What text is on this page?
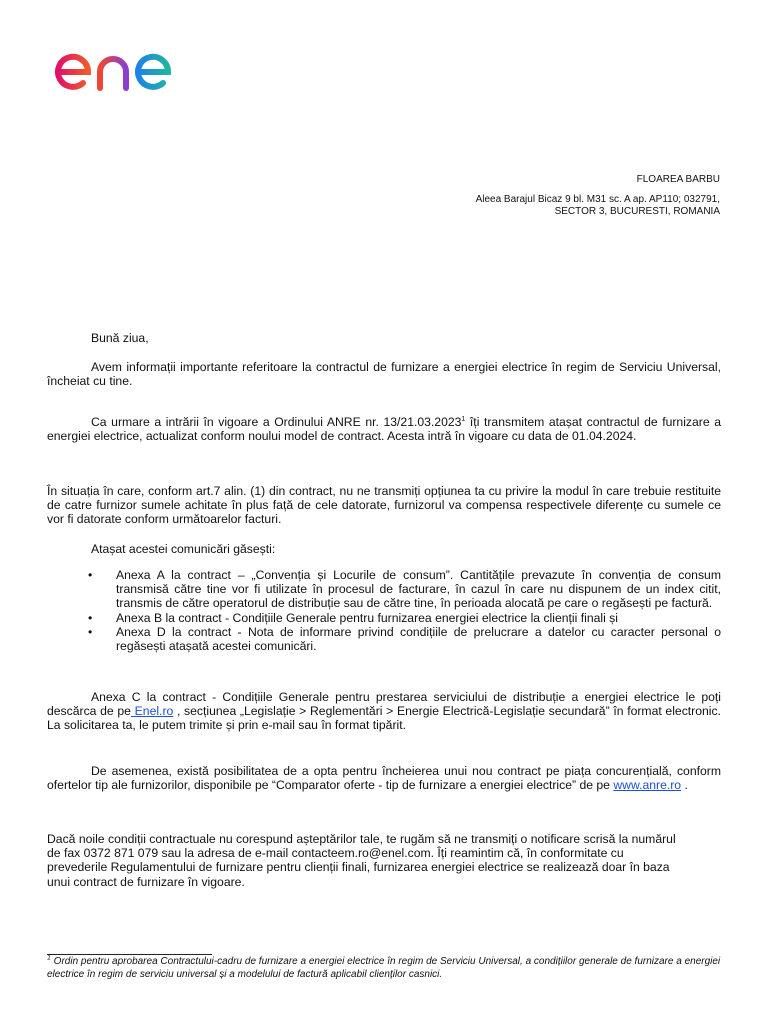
FLOAREA BARBU
Aleea Barajul Bicaz 9 bl. M31 sc. A ap. AP110; 032791,
SECTOR 3, BUCURESTI, ROMANIA
Bună ziua,
Avem informații importante referitoare la contractul de furnizare a energiei electrice în regim de Serviciu Universal, încheiat cu tine.
Ca urmare a intrării în vigoare a Ordinului ANRE nr. 13/21.03.2023$^1$ îți transmitem atașat contractul de furnizare a energiei electrice, actualizat conform noului model de contract. Acesta intră în vigoare cu data de 01.04.2024.
În situația în care, conform art.7 alin. (1) din contract, nu ne transmiți opțiunea ta cu privire la modul în care trebuie restituite de catre furnizor sumele achitate în plus față de cele datorate, furnizorul va compensa respectivele diferențe cu sumele ce vor fi datorate conform următoarelor facturi.
Atașat acestei comunicări găsești:
• Anexa A la contract – „Convenția și Locurile de consum”. Cantitățile prevazute în convenția de consum transmisă către tine vor fi utilizate în procesul de facturare, în cazul în care nu dispunem de un index citit, transmis de către operatorul de distribuție sau de către tine, în perioada alocată pe care o regăsești pe factură.
• Anexa B la contract - Condițiile Generale pentru furnizarea energiei electrice la clienții finali și
• Anexa D la contract - Nota de informare privind condițiile de prelucrare a datelor cu caracter personal o regăsești atașată acestei comunicări.
Anexa C la contract - Condițiile Generale pentru prestarea serviciului de distribuție a energiei electrice le poți descărca de pe Enel.ro , secțiunea „Legislație > Reglementări > Energie Electrică-Legislație secundară” în format electronic. La solicitarea ta, le putem trimite și prin e-mail sau în format tipărit.
De asemenea, există posibilitatea de a opta pentru încheierea unui nou contract pe piața concurențială, conform ofertelor tip ale furnizorilor, disponibile pe “Comparator oferte - tip de furnizare a energiei electrice” de pe www.anre.ro .
Dacă noile condiții contractuale nu corespund așteptărilor tale, te rugăm să ne transmiți o notificare scrisă la numărul
de fax 0372 871 079 sau la adresa de e-mail contacteem.ro@enel.com. Îți reamintim că, în conformitate cu
prevederile Regulamentului de furnizare pentru clienții finali, furnizarea energiei electrice se realizează doar în baza
unui contract de furnizare în vigoare.
$^1$ Ordin pentru aprobarea Contractului-cadru de furnizare a energiei electrice în regim de Serviciu Universal, a condițiilor generale de furnizare a energiei electrice în regim de serviciu universal și a modelului de factură aplicabil clienților casnici.
